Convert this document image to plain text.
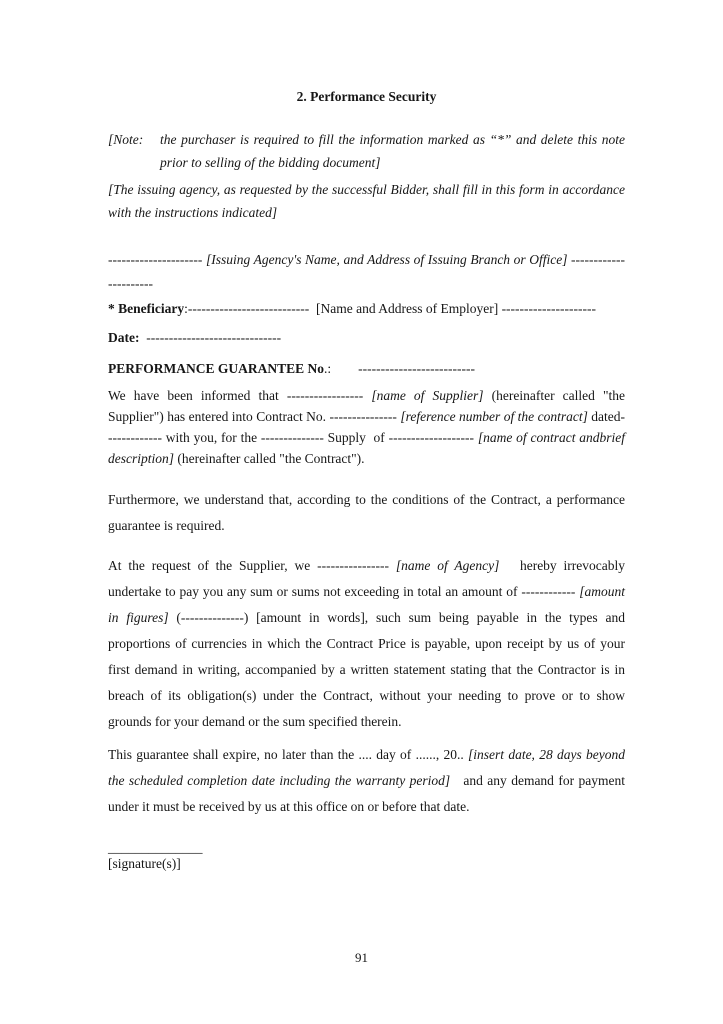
2. Performance Security

[Note:	the purchaser is required to fill the information marked as “*” and delete this note prior to selling of the bidding document]

[The issuing agency, as requested by the successful Bidder, shall fill in this form in accordance with the instructions indicated]

--------------------- [Issuing Agency's Name, and Address of Issuing Branch or Office] ----------------------

* Beneficiary:---------------------------  [Name and Address of Employer] ---------------------

Date:  ------------------------------

PERFORMANCE GUARANTEE No.:        --------------------------

We have been informed that ----------------- [name of Supplier] (hereinafter called "the Supplier") has entered into Contract No. --------------- [reference number of the contract] dated------------- with you, for the -------------- Supply  of ------------------- [name of contract andbrief description] (hereinafter called "the Contract").

Furthermore, we understand that, according to the conditions of the Contract, a performance guarantee is required.

At the request of the Supplier, we ---------------- [name of Agency]   hereby irrevocably undertake to pay you any sum or sums not exceeding in total an amount of ------------ [amount in figures] (--------------) [amount in words], such sum being payable in the types and proportions of currencies in which the Contract Price is payable, upon receipt by us of your first demand in writing, accompanied by a written statement stating that the Contractor is in breach of its obligation(s) under the Contract, without your needing to prove or to show grounds for your demand or the sum specified therein.

This guarantee shall expire, no later than the .... day of ......, 20.. [insert date, 28 days beyond the scheduled completion date including the warranty period]   and any demand for payment under it must be received by us at this office on or before that date.

______________
[signature(s)]

91
